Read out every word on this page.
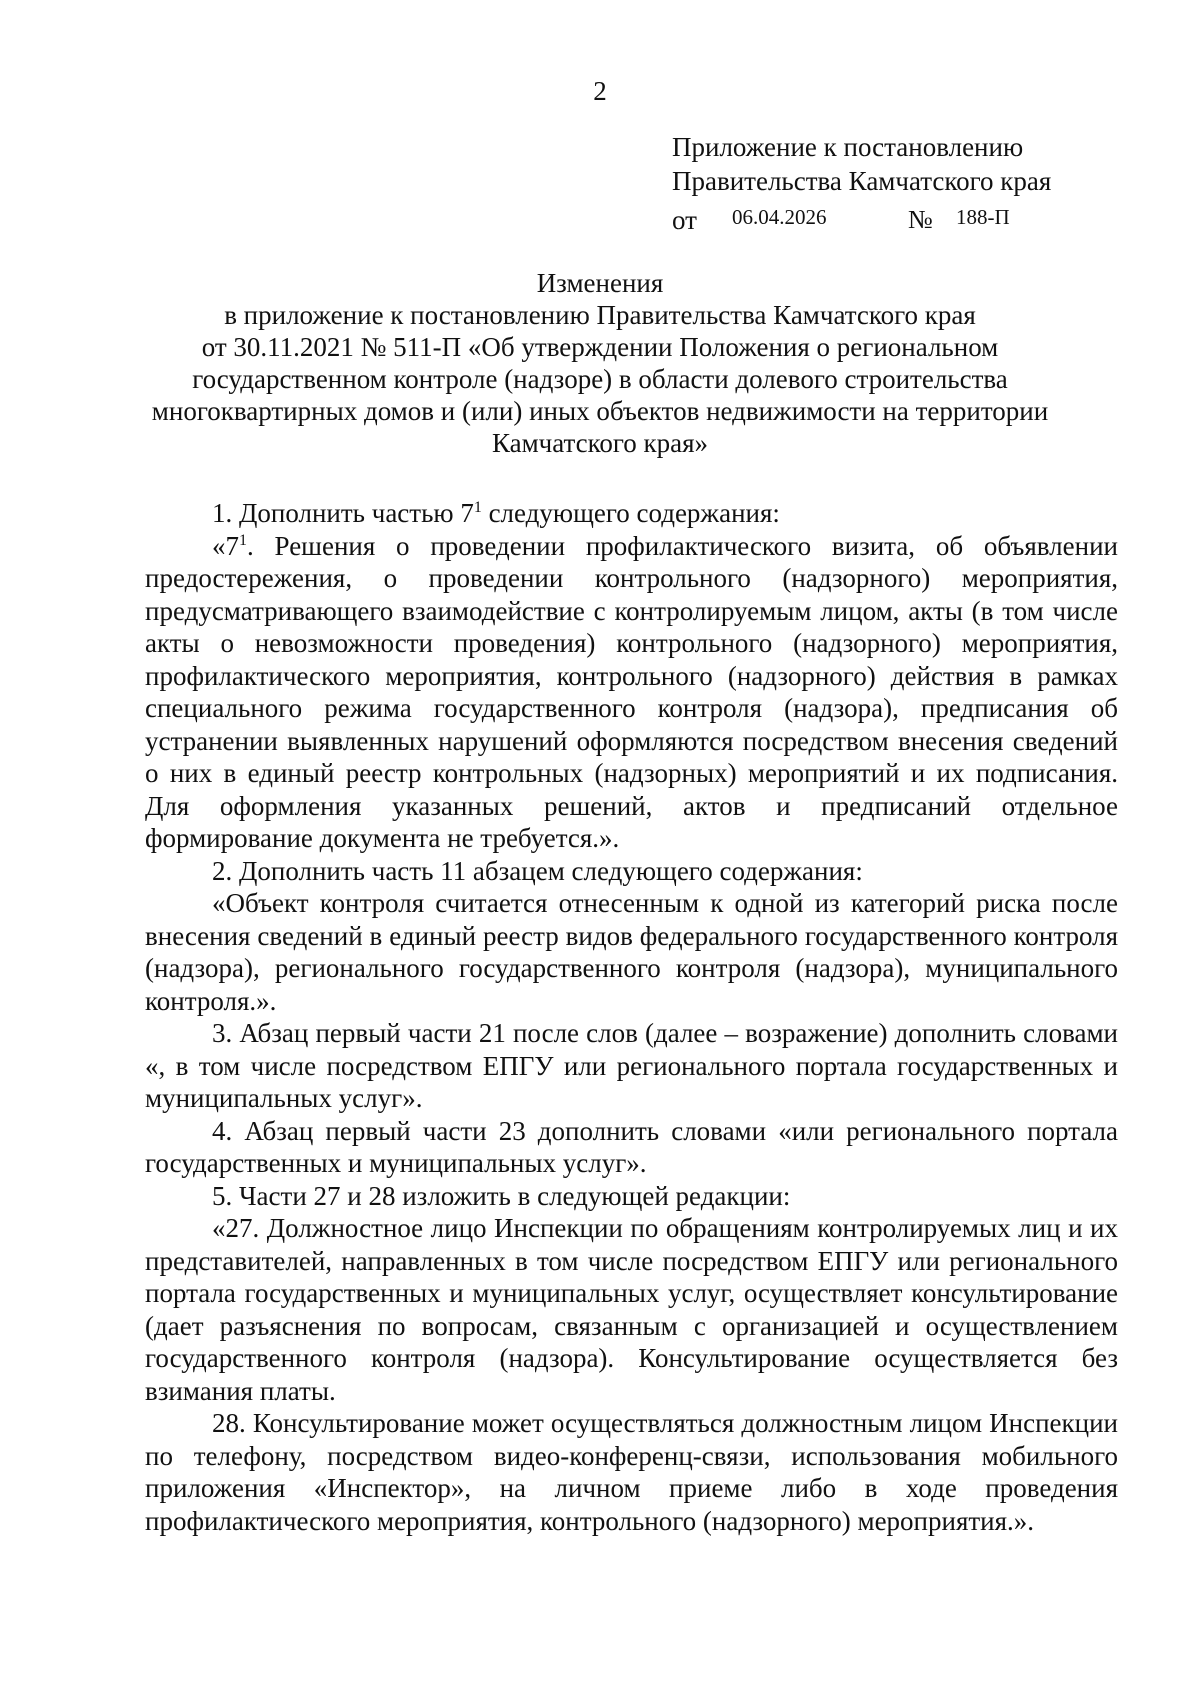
2
Приложение к постановлению
Правительства Камчатского края
от 06.04.2026	№ 188-П
Изменения
в приложение к постановлению Правительства Камчатского края
от 30.11.2021 № 511-П «Об утверждении Положения о региональном
государственном контроле (надзоре) в области долевого строительства
многоквартирных домов и (или) иных объектов недвижимости на территории
Камчатского края»

1. Дополнить частью $7^1$ следующего содержания:

«$7^1$. Решения о проведении профилактического визита, об объявлении предостережения, о проведении контрольного (надзорного) мероприятия, предусматривающего взаимодействие с контролируемым лицом, акты (в том числе акты о невозможности проведения) контрольного (надзорного) мероприятия, профилактического мероприятия, контрольного (надзорного) действия в рамках специального режима государственного контроля (надзора), предписания об устранении выявленных нарушений оформляются посредством внесения сведений о них в единый реестр контрольных (надзорных) мероприятий и их подписания. Для оформления указанных решений, актов и предписаний отдельное формирование документа не требуется.».

2. Дополнить часть 11 абзацем следующего содержания:

«Объект контроля считается отнесенным к одной из категорий риска после внесения сведений в единый реестр видов федерального государственного контроля (надзора), регионального государственного контроля (надзора), муниципального контроля.».

3. Абзац первый части 21 после слов (далее – возражение) дополнить словами «, в том числе посредством ЕПГУ или регионального портала государственных и муниципальных услуг».

4. Абзац первый части 23 дополнить словами «или регионального портала государственных и муниципальных услуг».

5. Части 27 и 28 изложить в следующей редакции:

«27. Должностное лицо Инспекции по обращениям контролируемых лиц и их представителей, направленных в том числе посредством ЕПГУ или регионального портала государственных и муниципальных услуг, осуществляет консультирование (дает разъяснения по вопросам, связанным с организацией и осуществлением государственного контроля (надзора). Консультирование осуществляется без взимания платы.

28. Консультирование может осуществляться должностным лицом Инспекции по телефону, посредством видео-конференц-связи, использования мобильного приложения «Инспектор», на личном приеме либо в ходе проведения профилактического мероприятия, контрольного (надзорного) мероприятия.».
